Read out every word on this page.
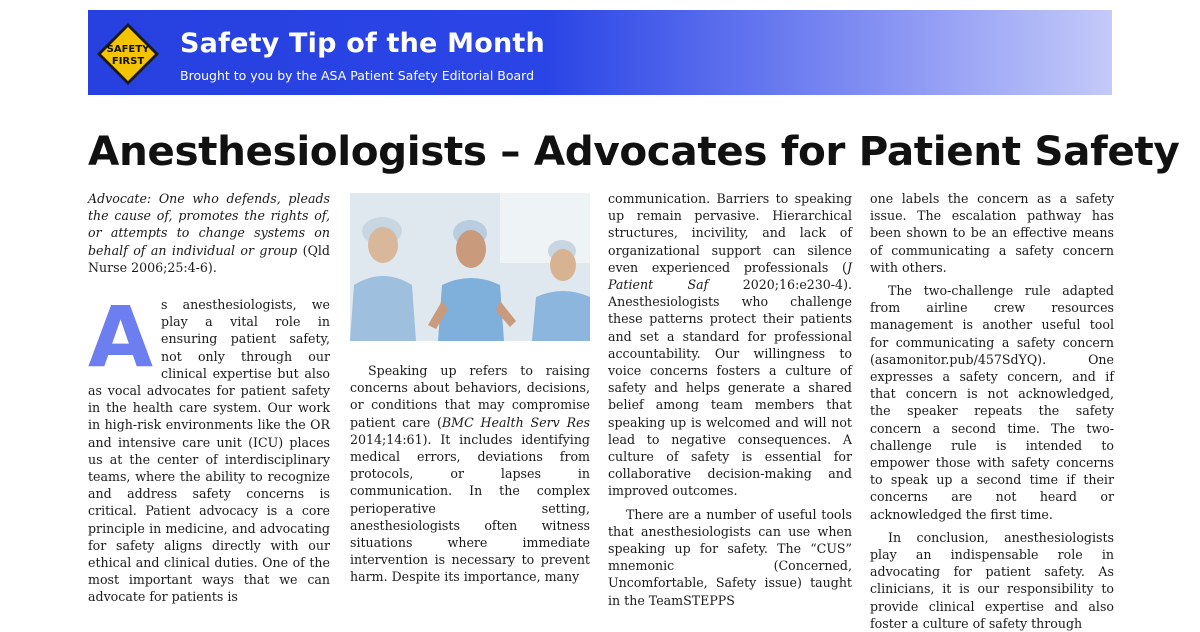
SAFETY
FIRST
Safety Tip of the Month
Brought to you by the ASA Patient Safety Editorial Board
Anesthesiologists – Advocates for Patient Safety

Advocate: One who defends, pleads the cause of, promotes the rights of, or attempts to change systems on behalf of an individual or group (Qld Nurse 2006;25:4-6).

A s anesthesiologists, we play a vital role in ensuring patient safety, not only through our clinical expertise but also as vocal advocates for patient safety in the health care system. Our work in high-risk environments like the OR and intensive care unit (ICU) places us at the center of interdisciplinary teams, where the ability to recognize and address safety concerns is critical. Patient advocacy is a core principle in medicine, and advocating for safety aligns directly with our ethical and clinical duties. One of the most important ways that we can advocate for patients is

Speaking up refers to raising concerns about behaviors, decisions, or conditions that may compromise patient care (BMC Health Serv Res 2014;14:61). It includes identifying medical errors, deviations from protocols, or lapses in communication. In the complex perioperative setting, anesthesiologists often witness situations where immediate intervention is necessary to prevent harm. Despite its importance, many

communication. Barriers to speaking up remain pervasive. Hierarchical structures, incivility, and lack of organizational support can silence even experienced professionals (J Patient Saf 2020;16:e230-4). Anesthesiologists who challenge these patterns protect their patients and set a standard for professional accountability. Our willingness to voice concerns fosters a culture of safety and helps generate a shared belief among team members that speaking up is welcomed and will not lead to negative consequences. A culture of safety is essential for collaborative decision-making and improved outcomes.

There are a number of useful tools that anesthesiologists can use when speaking up for safety. The “CUS” mnemonic (Concerned, Uncomfortable, Safety issue) taught in the TeamSTEPPS

one labels the concern as a safety issue. The escalation pathway has been shown to be an effective means of communicating a safety concern with others.

The two-challenge rule adapted from airline crew resources management is another useful tool for communicating a safety concern (asamonitor.pub/457SdYQ). One expresses a safety concern, and if that concern is not acknowledged, the speaker repeats the safety concern a second time. The two-challenge rule is intended to empower those with safety concerns to speak up a second time if their concerns are not heard or acknowledged the first time.

In conclusion, anesthesiologists play an indispensable role in advocating for patient safety. As clinicians, it is our responsibility to provide clinical expertise and also foster a culture of safety through
